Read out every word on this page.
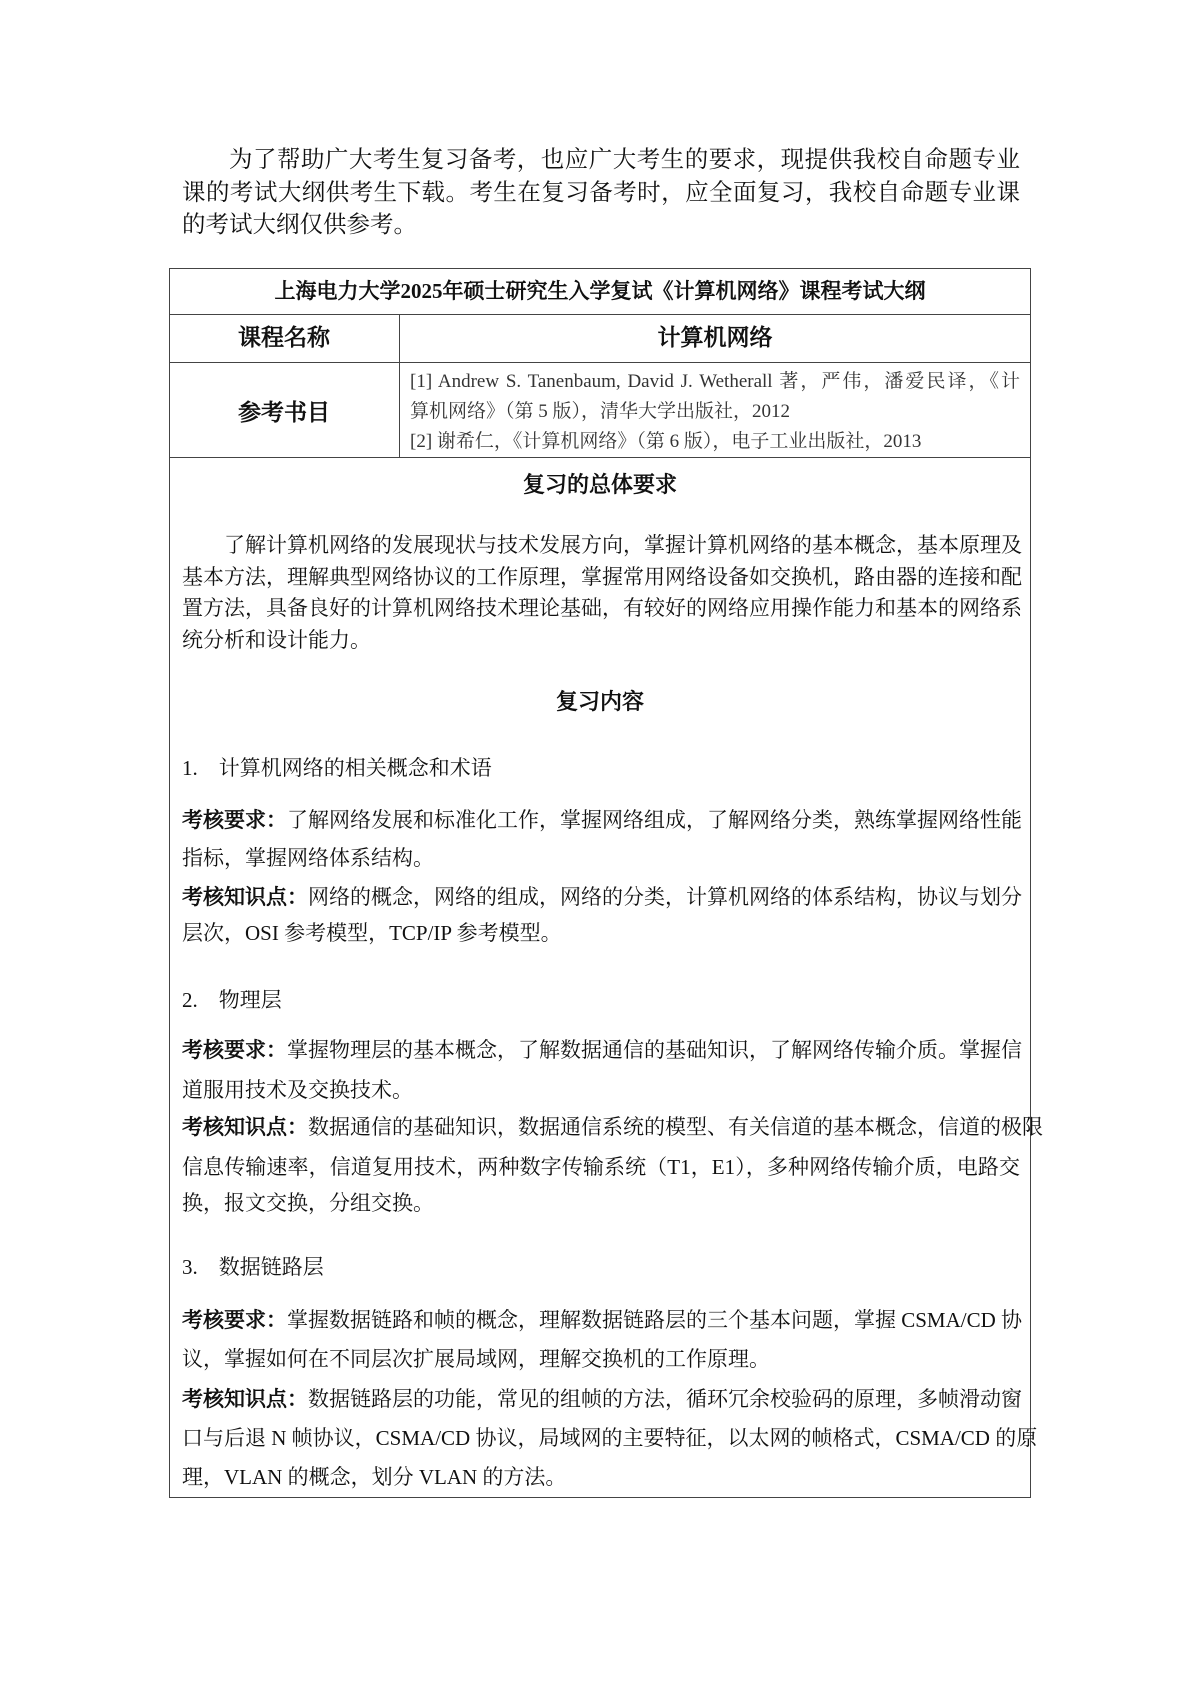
为了帮助广大考生复习备考，也应广大考生的要求，现提供我校自命题专业
课的考试大纲供考生下载。考生在复习备考时，应全面复习，我校自命题专业课
的考试大纲仅供参考。
上海电力大学2025年硕士研究生入学复试《计算机网络》课程考试大纲
课程名称	计算机网络
参考书目
[1] Andrew S. Tanenbaum, David J. Wetherall 著，严伟，潘爱民译，《计
算机网络》（第 5 版），清华大学出版社，2012
[2] 谢希仁，《计算机网络》（第 6 版），电子工业出版社，2013
复习的总体要求
了解计算机网络的发展现状与技术发展方向，掌握计算机网络的基本概念，基本原理及
基本方法，理解典型网络协议的工作原理，掌握常用网络设备如交换机，路由器的连接和配
置方法，具备良好的计算机网络技术理论基础，有较好的网络应用操作能力和基本的网络系
统分析和设计能力。
复习内容
1.    计算机网络的相关概念和术语
考核要求：了解网络发展和标准化工作，掌握网络组成，了解网络分类，熟练掌握网络性能
指标，掌握网络体系结构。
考核知识点：网络的概念，网络的组成，网络的分类，计算机网络的体系结构，协议与划分
层次，OSI 参考模型，TCP/IP 参考模型。
2.    物理层
考核要求：掌握物理层的基本概念，了解数据通信的基础知识，了解网络传输介质。掌握信
道服用技术及交换技术。
考核知识点：数据通信的基础知识，数据通信系统的模型、有关信道的基本概念，信道的极限
信息传输速率，信道复用技术，两种数字传输系统（T1，E1），多种网络传输介质，电路交
换，报文交换，分组交换。
3.    数据链路层
考核要求：掌握数据链路和帧的概念，理解数据链路层的三个基本问题，掌握 CSMA/CD 协
议，掌握如何在不同层次扩展局域网，理解交换机的工作原理。
考核知识点：数据链路层的功能，常见的组帧的方法，循环冗余校验码的原理，多帧滑动窗
口与后退 N 帧协议，CSMA/CD 协议，局域网的主要特征，以太网的帧格式，CSMA/CD 的原
理，VLAN 的概念，划分 VLAN 的方法。
